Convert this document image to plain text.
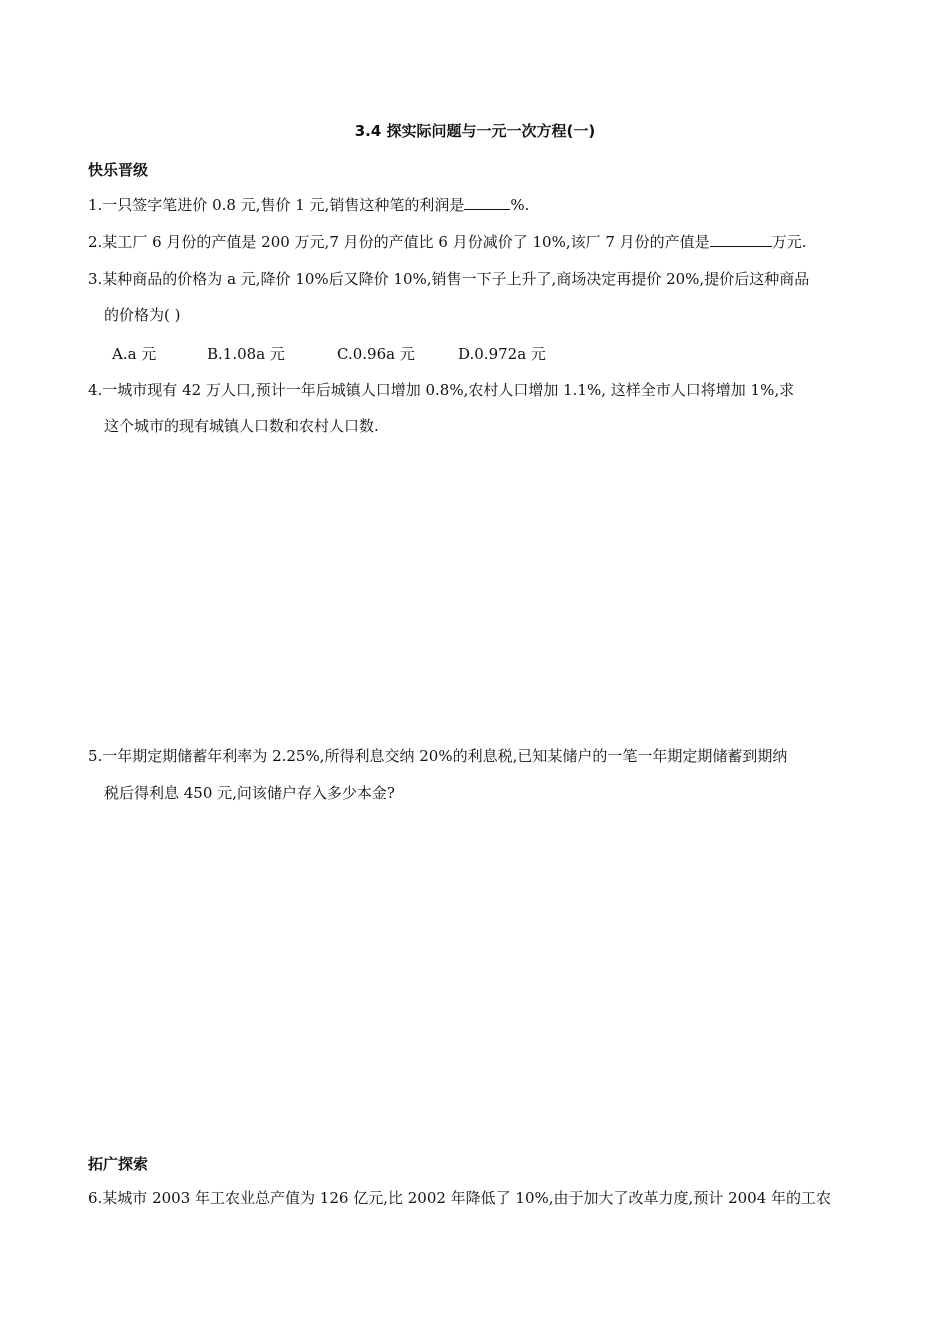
3.4 探实际问题与一元一次方程(一)
快乐晋级
1.一只签字笔进价 0.8 元,售价 1 元,销售这种笔的利润是	%.
2.某工厂 6 月份的产值是 200 万元,7 月份的产值比 6 月份减价了 10%,该厂 7 月份的产值是	万元.
3.某种商品的价格为 a 元,降价 10%后又降价 10%,销售一下子上升了,商场决定再提价 20%,提价后这种商品
的价格为( )
A.a 元	B.1.08a 元	C.0.96a 元	D.0.972a 元
4.一城市现有 42 万人口,预计一年后城镇人口增加 0.8%,农村人口增加 1.1%, 这样全市人口将增加 1%,求
这个城市的现有城镇人口数和农村人口数.
5.一年期定期储蓄年利率为 2.25%,所得利息交纳 20%的利息税,已知某储户的一笔一年期定期储蓄到期纳
税后得利息 450 元,问该储户存入多少本金?
拓广探索
6.某城市 2003 年工农业总产值为 126 亿元,比 2002 年降低了 10%,由于加大了改革力度,预计 2004 年的工农
